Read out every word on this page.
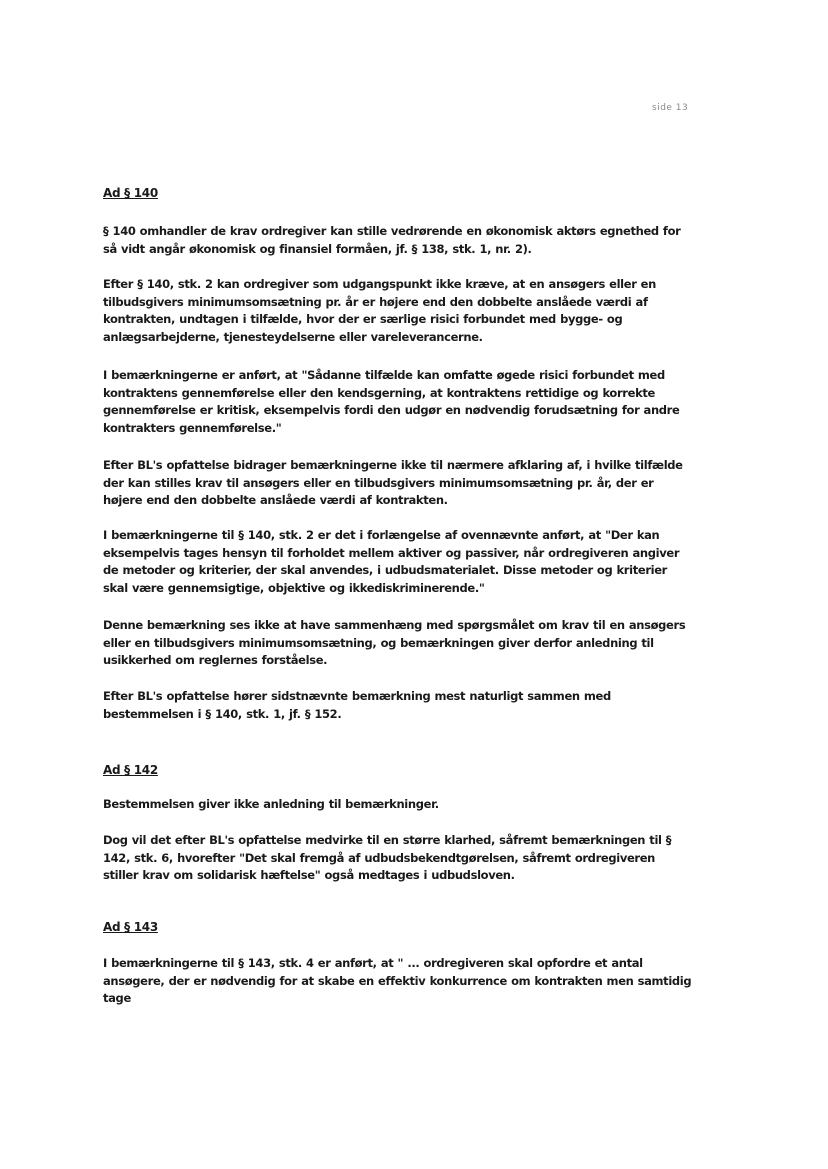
side 13
Ad § 140

§ 140 omhandler de krav ordregiver kan stille vedrørende en økonomisk aktørs egnethed for så vidt angår økonomisk og finansiel formåen, jf. § 138, stk. 1, nr. 2).

Efter § 140, stk. 2 kan ordregiver som udgangspunkt ikke kræve, at en ansøgers eller en tilbudsgivers minimumsomsætning pr. år er højere end den dobbelte anslåede værdi af kontrakten, undtagen i tilfælde, hvor der er særlige risici forbundet med bygge- og anlægsarbejderne, tjenesteydelserne eller vareleverancerne.

I bemærkningerne er anført, at "Sådanne tilfælde kan omfatte øgede risici forbundet med kontraktens gennemførelse eller den kendsgerning, at kontraktens rettidige og korrekte gennemførelse er kritisk, eksempelvis fordi den udgør en nødvendig forudsætning for andre kontrakters gennemførelse."

Efter BL's opfattelse bidrager bemærkningerne ikke til nærmere afklaring af, i hvilke tilfælde der kan stilles krav til ansøgers eller en tilbudsgivers minimumsomsætning pr. år, der er højere end den dobbelte anslåede værdi af kontrakten.

I bemærkningerne til § 140, stk. 2 er det i forlængelse af ovennævnte anført, at "Der kan eksempelvis tages hensyn til forholdet mellem aktiver og passiver, når ordregiveren angiver de metoder og kriterier, der skal anvendes, i udbudsmaterialet. Disse metoder og kriterier skal være gennemsigtige, objektive og ikkediskriminerende."

Denne bemærkning ses ikke at have sammenhæng med spørgsmålet om krav til en ansøgers eller en tilbudsgivers minimumsomsætning, og bemærkningen giver derfor anledning til usikkerhed om reglernes forståelse.

Efter BL's opfattelse hører sidstnævnte bemærkning mest naturligt sammen med bestemmelsen i § 140, stk. 1, jf. § 152.

Ad § 142

Bestemmelsen giver ikke anledning til bemærkninger.

Dog vil det efter BL's opfattelse medvirke til en større klarhed, såfremt bemærkningen til § 142, stk. 6, hvorefter "Det skal fremgå af udbudsbekendtgørelsen, såfremt ordregiveren stiller krav om solidarisk hæftelse" også medtages i udbudsloven.

Ad § 143

I bemærkningerne til § 143, stk. 4 er anført, at " ... ordregiveren skal opfordre et antal ansøgere, der er nødvendig for at skabe en effektiv konkurrence om kontrakten men samtidig tage
